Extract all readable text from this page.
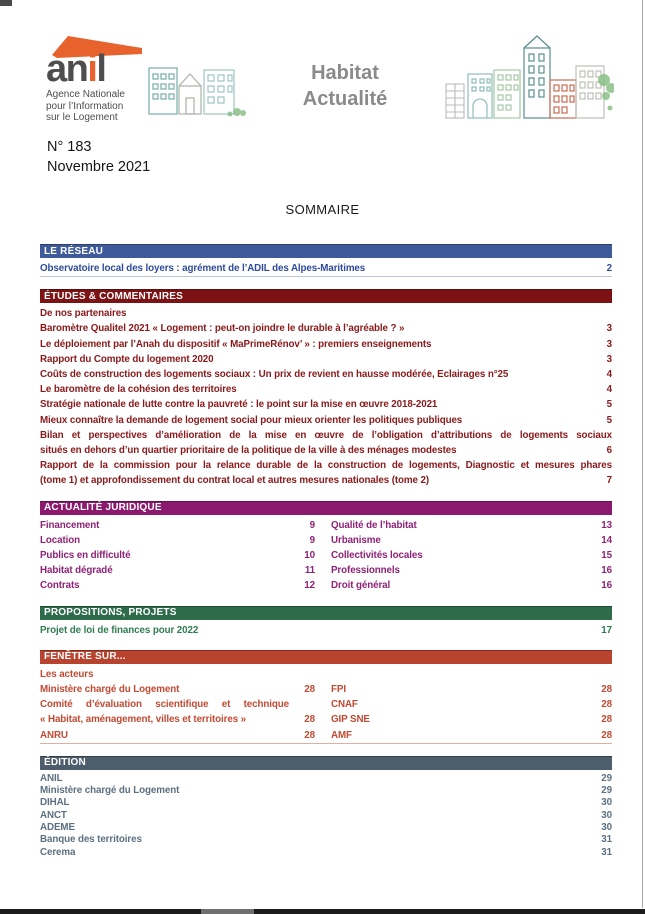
anil
Agence Nationale
pour l’Information
sur le Logement
Habitat
Actualité
N° 183
Novembre 2021
SOMMAIRE
LE RÉSEAU
Observatoire local des loyers : agrément de l’ADIL des Alpes-Maritimes	2
ÉTUDES & COMMENTAIRES
De nos partenaires
Baromètre Qualitel 2021 « Logement : peut-on joindre le durable à l’agréable ? »	3
Le déploiement par l’Anah du dispositif « MaPrimeRénov’ » : premiers enseignements	3
Rapport du Compte du logement 2020	3
Coûts de construction des logements sociaux : Un prix de revient en hausse modérée, Eclairages n°25	4
Le baromètre de la cohésion des territoires	4
Stratégie nationale de lutte contre la pauvreté : le point sur la mise en œuvre 2018-2021	5
Mieux connaître la demande de logement social pour mieux orienter les politiques publiques	5
Bilan et perspectives d’amélioration de la mise en œuvre de l’obligation d’attributions de logements sociaux
situés en dehors d’un quartier prioritaire de la politique de la ville à des ménages modestes	6
Rapport de la commission pour la relance durable de la construction de logements, Diagnostic et mesures phares
(tome 1) et approfondissement du contrat local et autres mesures nationales (tome 2)	7
ACTUALITÉ JURIDIQUE
Financement	9 Qualité de l’habitat	13
Location	9 Urbanisme	14
Publics en difficulté	10 Collectivités locales	15
Habitat dégradé	11 Professionnels	16
Contrats	12 Droit général	16
PROPOSITIONS, PROJETS
Projet de loi de finances pour 2022	17
FENÊTRE SUR...
Les acteurs
Ministère chargé du Logement	28 FPI	28
Comité d’évaluation scientifique et technique	CNAF	28
« Habitat, aménagement, villes et territoires »	28 GIP SNE	28
ANRU	28 AMF	28
ÉDITION
ANIL	29
Ministère chargé du Logement	29
DIHAL	30
ANCT	30
ADEME	30
Banque des territoires	31
Cerema	31
